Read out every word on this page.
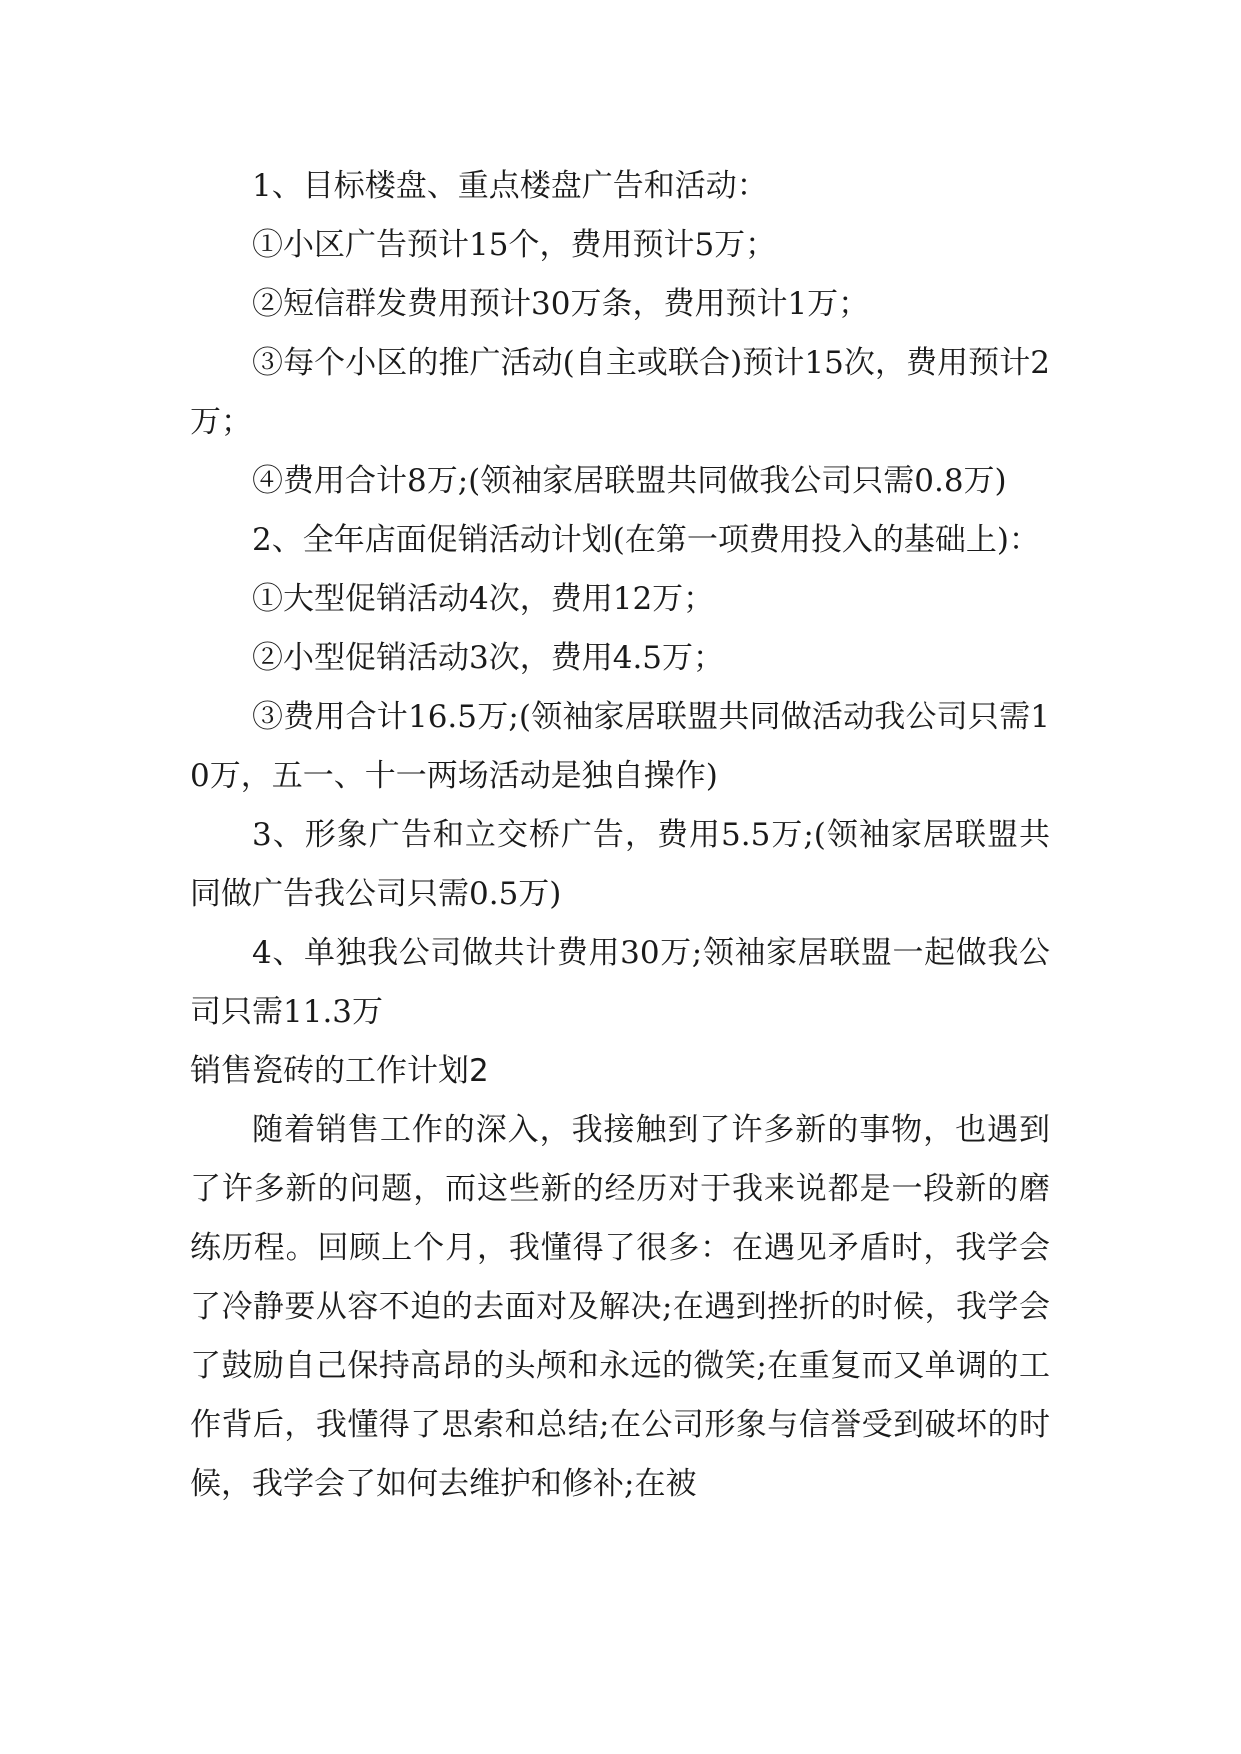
1、目标楼盘、重点楼盘广告和活动：

①小区广告预计15个，费用预计5万；

②短信群发费用预计30万条，费用预计1万；

③每个小区的推广活动(自主或联合)预计15次，费用预计2万；

④费用合计8万;(领袖家居联盟共同做我公司只需0.8万)

2、全年店面促销活动计划(在第一项费用投入的基础上)：

①大型促销活动4次，费用12万；

②小型促销活动3次，费用4.5万；

③费用合计16.5万;(领袖家居联盟共同做活动我公司只需10万，五一、十一两场活动是独自操作)

3、形象广告和立交桥广告，费用5.5万;(领袖家居联盟共同做广告我公司只需0.5万)

4、单独我公司做共计费用30万;领袖家居联盟一起做我公司只需11.3万

销售瓷砖的工作计划2

随着销售工作的深入，我接触到了许多新的事物，也遇到了许多新的问题，而这些新的经历对于我来说都是一段新的磨练历程。回顾上个月，我懂得了很多：在遇见矛盾时，我学会了冷静要从容不迫的去面对及解决;在遇到挫折的时候，我学会了鼓励自己保持高昂的头颅和永远的微笑;在重复而又单调的工作背后，我懂得了思索和总结;在公司形象与信誉受到破坏的时候，我学会了如何去维护和修补;在被
